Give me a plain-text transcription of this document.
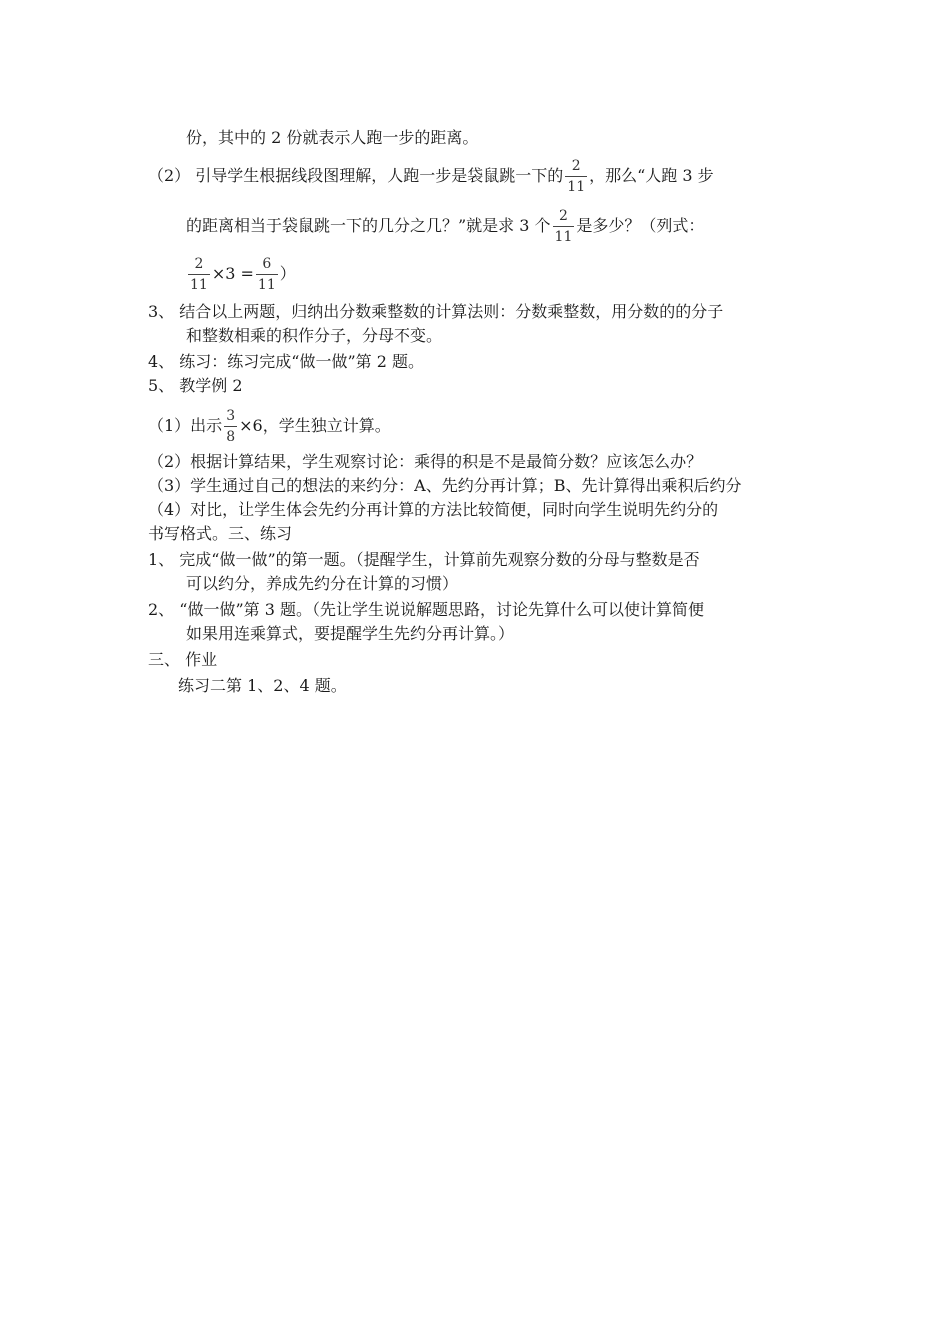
份，其中的 2 份就表示人跑一步的距离。
（2） 引导学生根据线段图理解，人跑一步是袋鼠跳一下的 $\frac{2}{11}$ ，那么“人跑 3 步
的距离相当于袋鼠跳一下的几分之几？”就是求 3 个 $\frac{2}{11}$ 是多少？（列式：
$\frac{2}{11} \times 3 = \frac{6}{11}$ ）
3、 结合以上两题，归纳出分数乘整数的计算法则：分数乘整数，用分数的的分子
和整数相乘的积作分子，分母不变。
4、 练习：练习完成“做一做”第 2 题。
5、 教学例 2
（1）出示 $\frac{3}{8} \times 6$，学生独立计算。
（2）根据计算结果，学生观察讨论：乘得的积是不是最简分数？应该怎么办？
（3）学生通过自己的想法的来约分：A、先约分再计算；B、先计算得出乘积后约分
（4）对比，让学生体会先约分再计算的方法比较简便，同时向学生说明先约分的
书写格式。三、练习
1、 完成“做一做”的第一题。（提醒学生，计算前先观察分数的分母与整数是否
可以约分，养成先约分在计算的习惯）
2、 “做一做”第 3 题。（先让学生说说解题思路，讨论先算什么可以使计算简便
如果用连乘算式，要提醒学生先约分再计算。）
三、 作业
练习二第 1、2、4 题。
